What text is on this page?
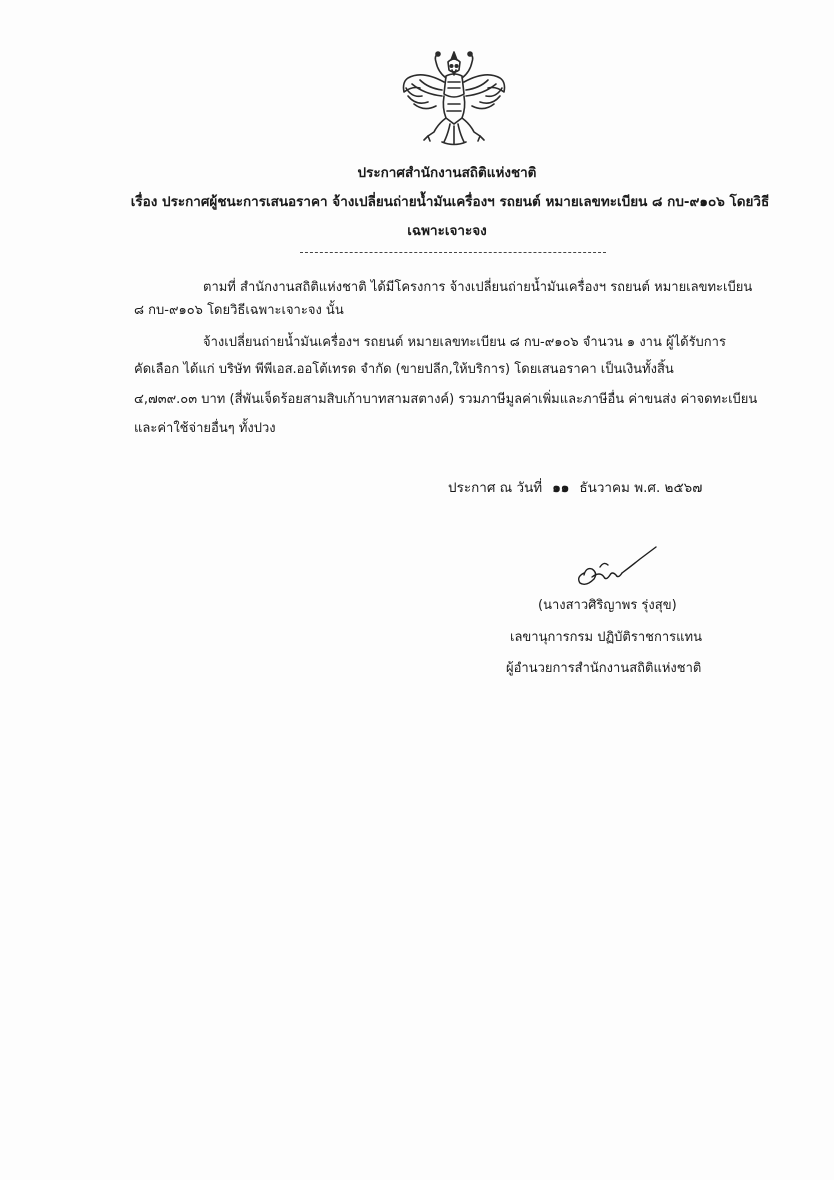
ประกาศสำนักงานสถิติแห่งชาติ
เรื่อง ประกาศผู้ชนะการเสนอราคา จ้างเปลี่ยนถ่ายน้ำมันเครื่องฯ รถยนต์ หมายเลขทะเบียน ๘ กบ-๙๑๐๖ โดยวิธี
เฉพาะเจาะจง
ตามที่ สำนักงานสถิติแห่งชาติ ได้มีโครงการ จ้างเปลี่ยนถ่ายน้ำมันเครื่องฯ รถยนต์ หมายเลขทะเบียน
๘ กบ-๙๑๐๖ โดยวิธีเฉพาะเจาะจง นั้น
จ้างเปลี่ยนถ่ายน้ำมันเครื่องฯ รถยนต์ หมายเลขทะเบียน ๘ กบ-๙๑๐๖ จำนวน ๑ งาน ผู้ได้รับการ
คัดเลือก ได้แก่ บริษัท พีพีเอส.ออโต้เทรด จำกัด (ขายปลีก,ให้บริการ) โดยเสนอราคา เป็นเงินทั้งสิ้น
๔,๗๓๙.๐๓ บาท (สี่พันเจ็ดร้อยสามสิบเก้าบาทสามสตางค์) รวมภาษีมูลค่าเพิ่มและภาษีอื่น ค่าขนส่ง ค่าจดทะเบียน
และค่าใช้จ่ายอื่นๆ ทั้งปวง
ประกาศ ณ วันที่ ๑๑ ธันวาคม พ.ศ. ๒๕๖๗
(นางสาวศิริญาพร รุ่งสุข)
เลขานุการกรม ปฏิบัติราชการแทน
ผู้อำนวยการสำนักงานสถิติแห่งชาติ
